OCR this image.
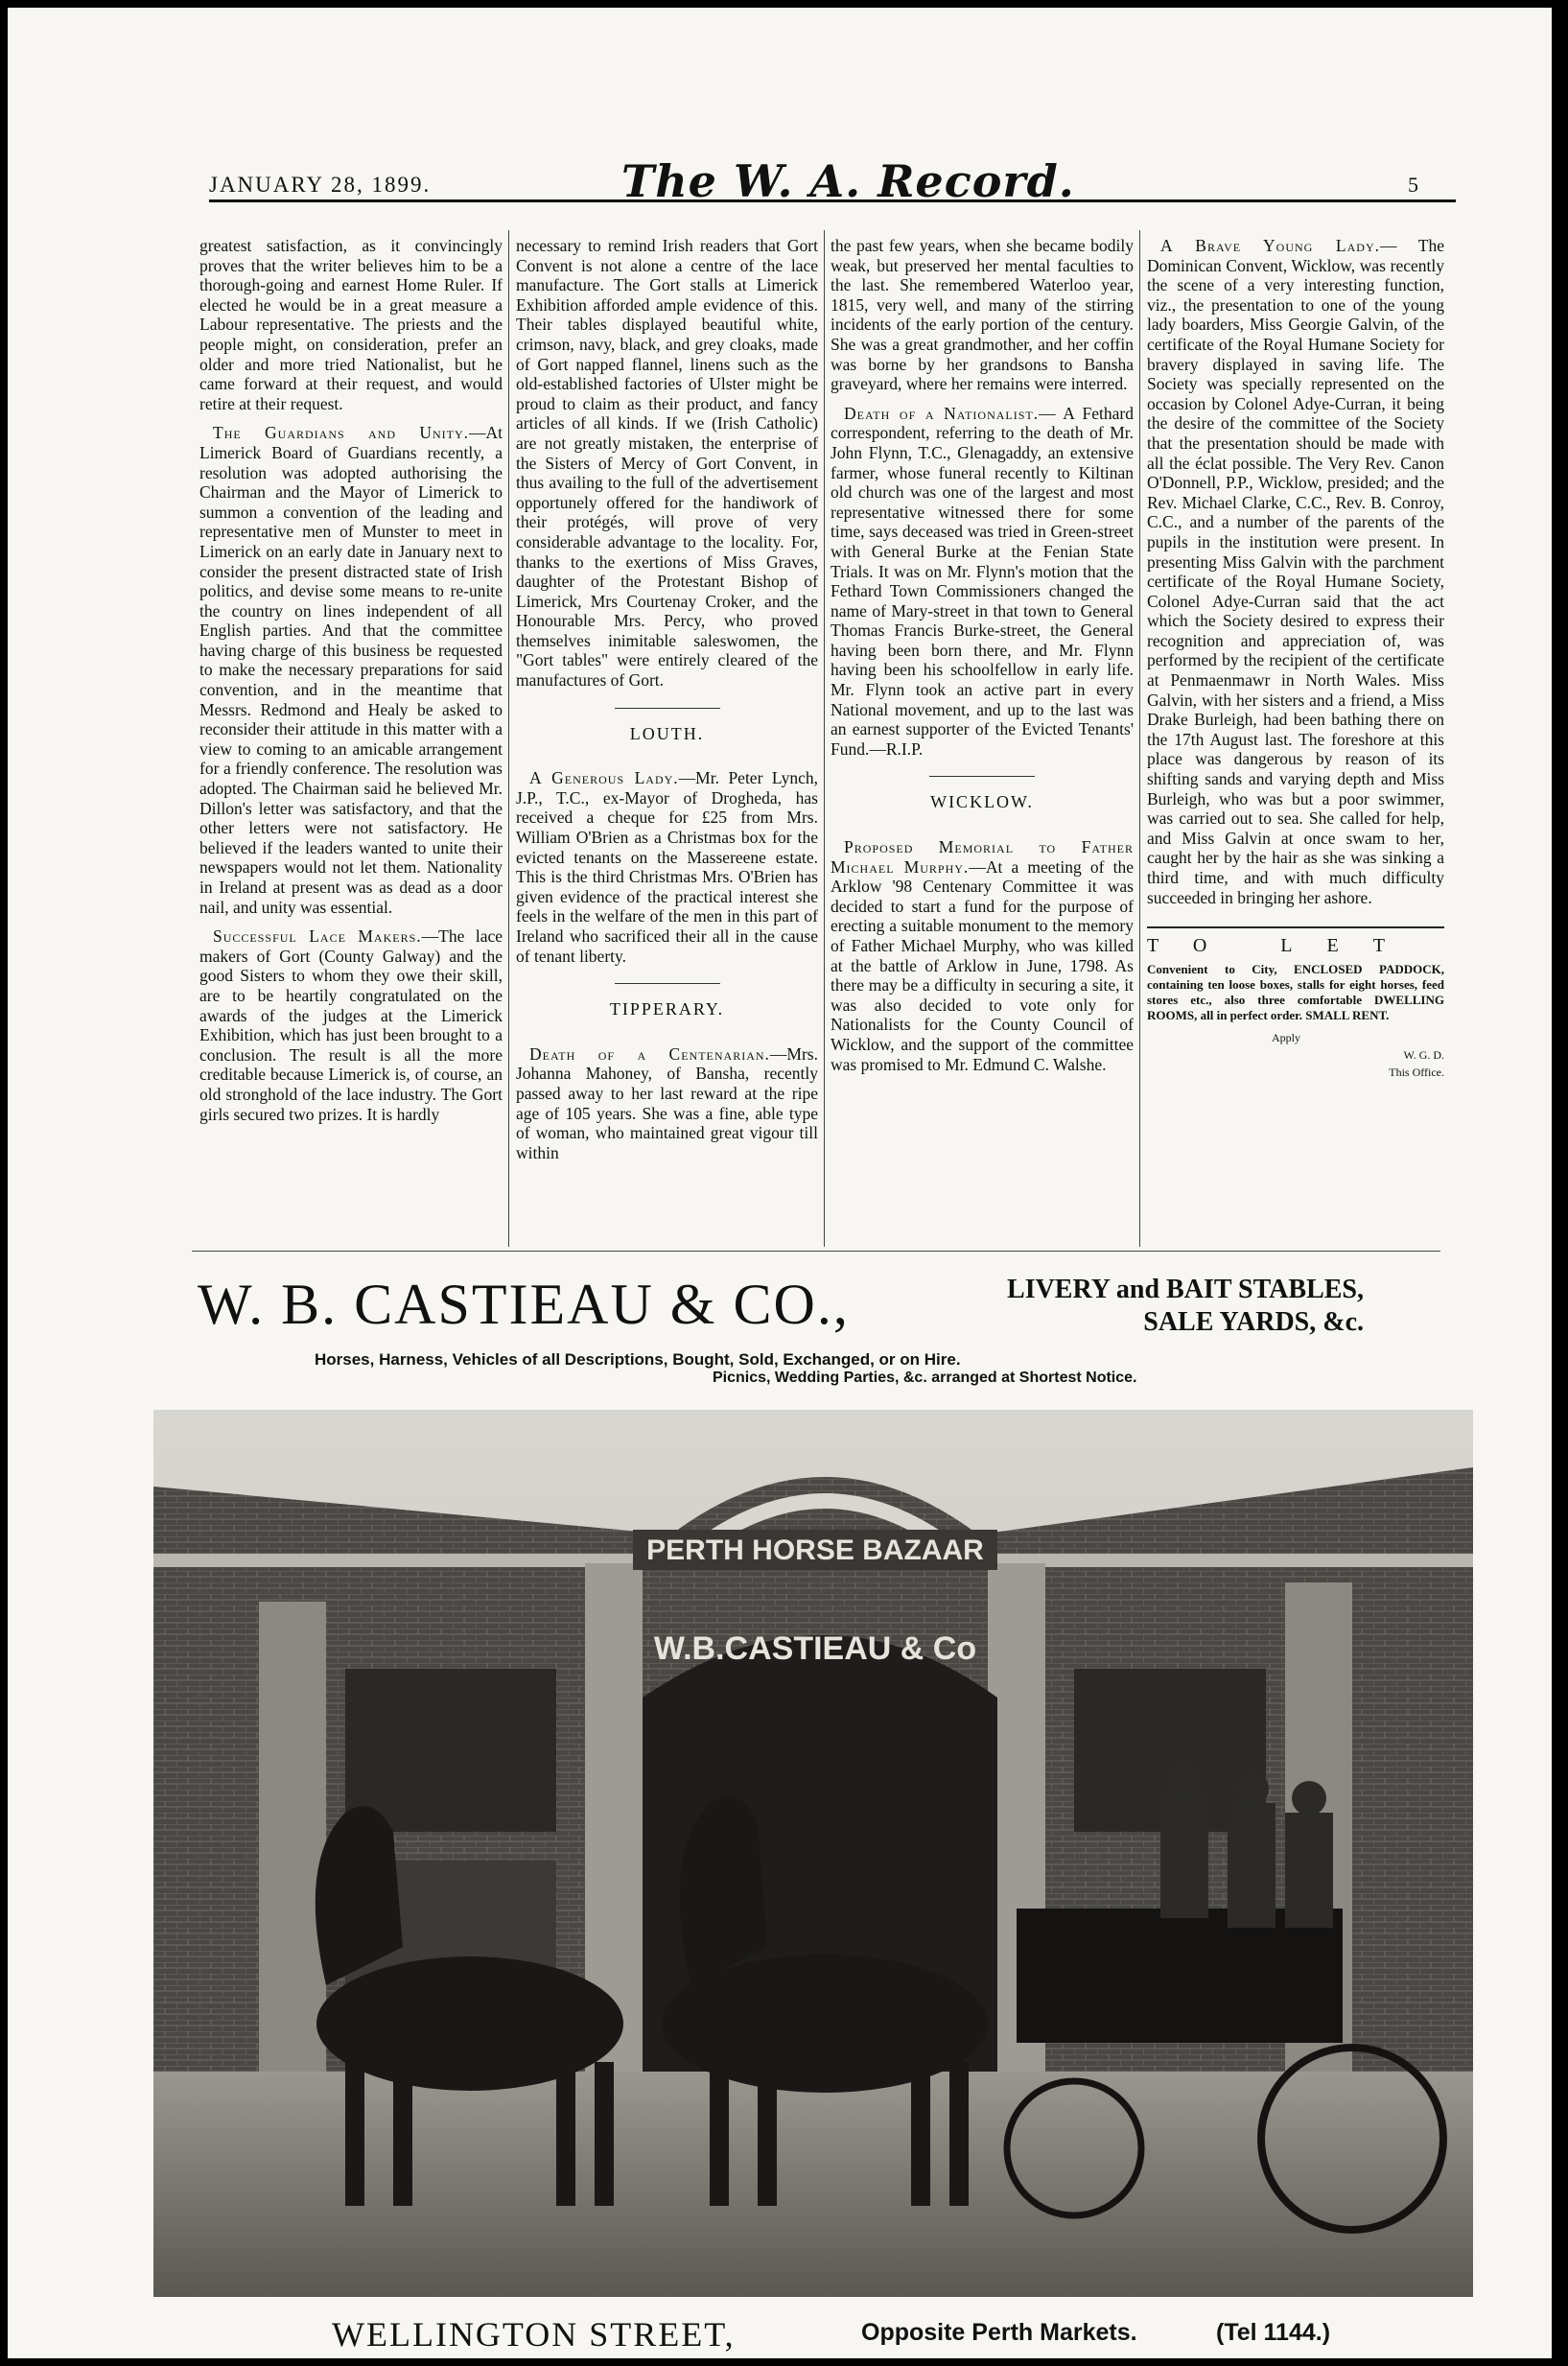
JANUARY 28, 1899.	The W. A. Record.	5

greatest satisfaction, as it convincingly proves that the writer believes him to be a thorough-going and earnest Home Ruler. If elected he would be in a great measure a Labour representative. The priests and the people might, on consideration, prefer an older and more tried Nationalist, but he came forward at their request, and would retire at their request.

The Guardians and Unity.—At Limerick Board of Guardians recently, a resolution was adopted authorising the Chairman and the Mayor of Limerick to summon a convention of the leading and representative men of Munster to meet in Limerick on an early date in January next to consider the present distracted state of Irish politics, and devise some means to re-unite the country on lines independent of all English parties. And that the committee having charge of this business be requested to make the necessary preparations for said convention, and in the meantime that Messrs. Redmond and Healy be asked to reconsider their attitude in this matter with a view to coming to an amicable arrangement for a friendly conference. The resolution was adopted. The Chairman said he believed Mr. Dillon's letter was satisfactory, and that the other letters were not satisfactory. He believed if the leaders wanted to unite their newspapers would not let them. Nationality in Ireland at present was as dead as a door nail, and unity was essential.

Successful Lace Makers.—The lace makers of Gort (County Galway) and the good Sisters to whom they owe their skill, are to be heartily congratulated on the awards of the judges at the Limerick Exhibition, which has just been brought to a conclusion. The result is all the more creditable because Limerick is, of course, an old stronghold of the lace industry. The Gort girls secured two prizes. It is hardly

necessary to remind Irish readers that Gort Convent is not alone a centre of the lace manufacture. The Gort stalls at Limerick Exhibition afforded ample evidence of this. Their tables displayed beautiful white, crimson, navy, black, and grey cloaks, made of Gort napped flannel, linens such as the old-established factories of Ulster might be proud to claim as their product, and fancy articles of all kinds. If we (Irish Catholic) are not greatly mistaken, the enterprise of the Sisters of Mercy of Gort Convent, in thus availing to the full of the advertisement opportunely offered for the handiwork of their protégés, will prove of very considerable advantage to the locality. For, thanks to the exertions of Miss Graves, daughter of the Protestant Bishop of Limerick, Mrs Courtenay Croker, and the Honourable Mrs. Percy, who proved themselves inimitable saleswomen, the "Gort tables" were entirely cleared of the manufactures of Gort.

LOUTH.

A Generous Lady.—Mr. Peter Lynch, J.P., T.C., ex-Mayor of Drogheda, has received a cheque for £25 from Mrs. William O'Brien as a Christmas box for the evicted tenants on the Massereene estate. This is the third Christmas Mrs. O'Brien has given evidence of the practical interest she feels in the welfare of the men in this part of Ireland who sacrificed their all in the cause of tenant liberty.

TIPPERARY.

Death of a Centenarian.—Mrs. Johanna Mahoney, of Bansha, recently passed away to her last reward at the ripe age of 105 years. She was a fine, able type of woman, who maintained great vigour till within

the past few years, when she became bodily weak, but preserved her mental faculties to the last. She remembered Waterloo year, 1815, very well, and many of the stirring incidents of the early portion of the century. She was a great grandmother, and her coffin was borne by her grandsons to Bansha graveyard, where her remains were interred.

Death of a Nationalist.— A Fethard correspondent, referring to the death of Mr. John Flynn, T.C., Glenagaddy, an extensive farmer, whose funeral recently to Kiltinan old church was one of the largest and most representative witnessed there for some time, says deceased was tried in Green-street with General Burke at the Fenian State Trials. It was on Mr. Flynn's motion that the Fethard Town Commissioners changed the name of Mary-street in that town to General Thomas Francis Burke-street, the General having been born there, and Mr. Flynn having been his schoolfellow in early life. Mr. Flynn took an active part in every National movement, and up to the last was an earnest supporter of the Evicted Tenants' Fund.—R.I.P.

WICKLOW.

Proposed Memorial to Father Michael Murphy.—At a meeting of the Arklow '98 Centenary Committee it was decided to start a fund for the purpose of erecting a suitable monument to the memory of Father Michael Murphy, who was killed at the battle of Arklow in June, 1798. As there may be a difficulty in securing a site, it was also decided to vote only for Nationalists for the County Council of Wicklow, and the support of the committee was promised to Mr. Edmund C. Walshe.

A Brave Young Lady.— The Dominican Convent, Wicklow, was recently the scene of a very interesting function, viz., the presentation to one of the young lady boarders, Miss Georgie Galvin, of the certificate of the Royal Humane Society for bravery displayed in saving life. The Society was specially represented on the occasion by Colonel Adye-Curran, it being the desire of the committee of the Society that the presentation should be made with all the éclat possible. The Very Rev. Canon O'Donnell, P.P., Wicklow, presided; and the Rev. Michael Clarke, C.C., Rev. B. Conroy, C.C., and a number of the parents of the pupils in the institution were present. In presenting Miss Galvin with the parchment certificate of the Royal Humane Society, Colonel Adye-Curran said that the act which the Society desired to express their recognition and appreciation of, was performed by the recipient of the certificate at Penmaenmawr in North Wales. Miss Galvin, with her sisters and a friend, a Miss Drake Burleigh, had been bathing there on the 17th August last. The foreshore at this place was dangerous by reason of its shifting sands and varying depth and Miss Burleigh, who was but a poor swimmer, was carried out to sea. She called for help, and Miss Galvin at once swam to her, caught her by the hair as she was sinking a third time, and with much difficulty succeeded in bringing her ashore.

TO LET
Convenient to City, ENCLOSED PADDOCK, containing ten loose boxes, stalls for eight horses, feed stores etc., also three comfortable DWELLING ROOMS, all in perfect order. SMALL RENT.
Apply
W. G. D.
This Office.
W. B. CASTIEAU & CO.,	LIVERY and BAIT STABLES,
SALE YARDS, &c.
Horses, Harness, Vehicles of all Descriptions, Bought, Sold, Exchanged, or on Hire.
Picnics, Wedding Parties, &c. arranged at Shortest Notice.
PERTH HORSE BAZAAR
W.B.CASTIEAU & Co
WELLINGTON STREET,	Opposite Perth Markets.	(Tel 1144.)
